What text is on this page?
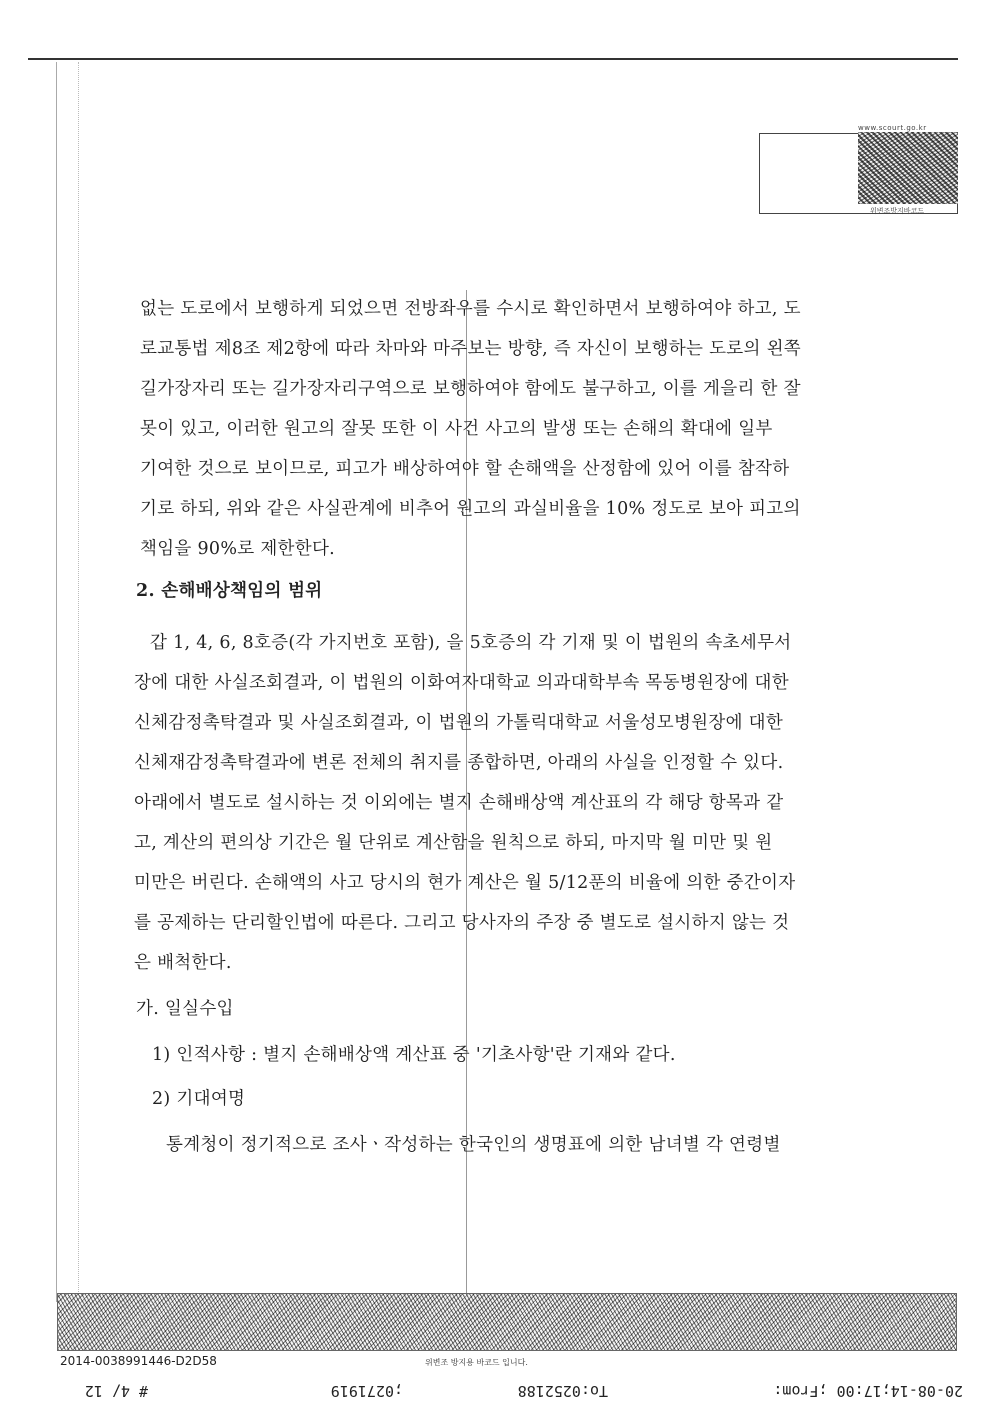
www.scourt.go.kr
위변조방지바코드
없는 도로에서 보행하게 되었으면 전방좌우를 수시로 확인하면서 보행하여야 하고, 도
로교통법 제8조 제2항에 따라 차마와 마주보는 방향, 즉 자신이 보행하는 도로의 왼쪽
길가장자리 또는 길가장자리구역으로 보행하여야 함에도 불구하고, 이를 게을리 한 잘
못이 있고, 이러한 원고의 잘못 또한 이 사건 사고의 발생 또는 손해의 확대에 일부
기여한 것으로 보이므로, 피고가 배상하여야 할 손해액을 산정함에 있어 이를 참작하
기로 하되, 위와 같은 사실관계에 비추어 원고의 과실비율을 10% 정도로 보아 피고의
책임을 90%로 제한한다.
2. 손해배상책임의 범위
갑 1, 4, 6, 8호증(각 가지번호 포함), 을 5호증의 각 기재 및 이 법원의 속초세무서
장에 대한 사실조회결과, 이 법원의 이화여자대학교 의과대학부속 목동병원장에 대한
신체감정촉탁결과 및 사실조회결과, 이 법원의 가톨릭대학교 서울성모병원장에 대한
신체재감정촉탁결과에 변론 전체의 취지를 종합하면, 아래의 사실을 인정할 수 있다.
아래에서 별도로 설시하는 것 이외에는 별지 손해배상액 계산표의 각 해당 항목과 같
고, 계산의 편의상 기간은 월 단위로 계산함을 원칙으로 하되, 마지막 월 미만 및 원
미만은 버린다. 손해액의 사고 당시의 현가 계산은 월 5/12푼의 비율에 의한 중간이자
를 공제하는 단리할인법에 따른다. 그리고 당사자의 주장 중 별도로 설시하지 않는 것
은 배척한다.
가. 일실수입
1) 인적사항 : 별지 손해배상액 계산표 중 '기초사항'란 기재와 같다.
2) 기대여명
통계청이 정기적으로 조사ㆍ작성하는 한국인의 생명표에 의한 남녀별 각 연령별
2014-0038991446-D2D58	위변조 방지용 바코드 입니다.
20-08-14;17:00 ;From:
To:0252188
;0271919
# 4/ 12
